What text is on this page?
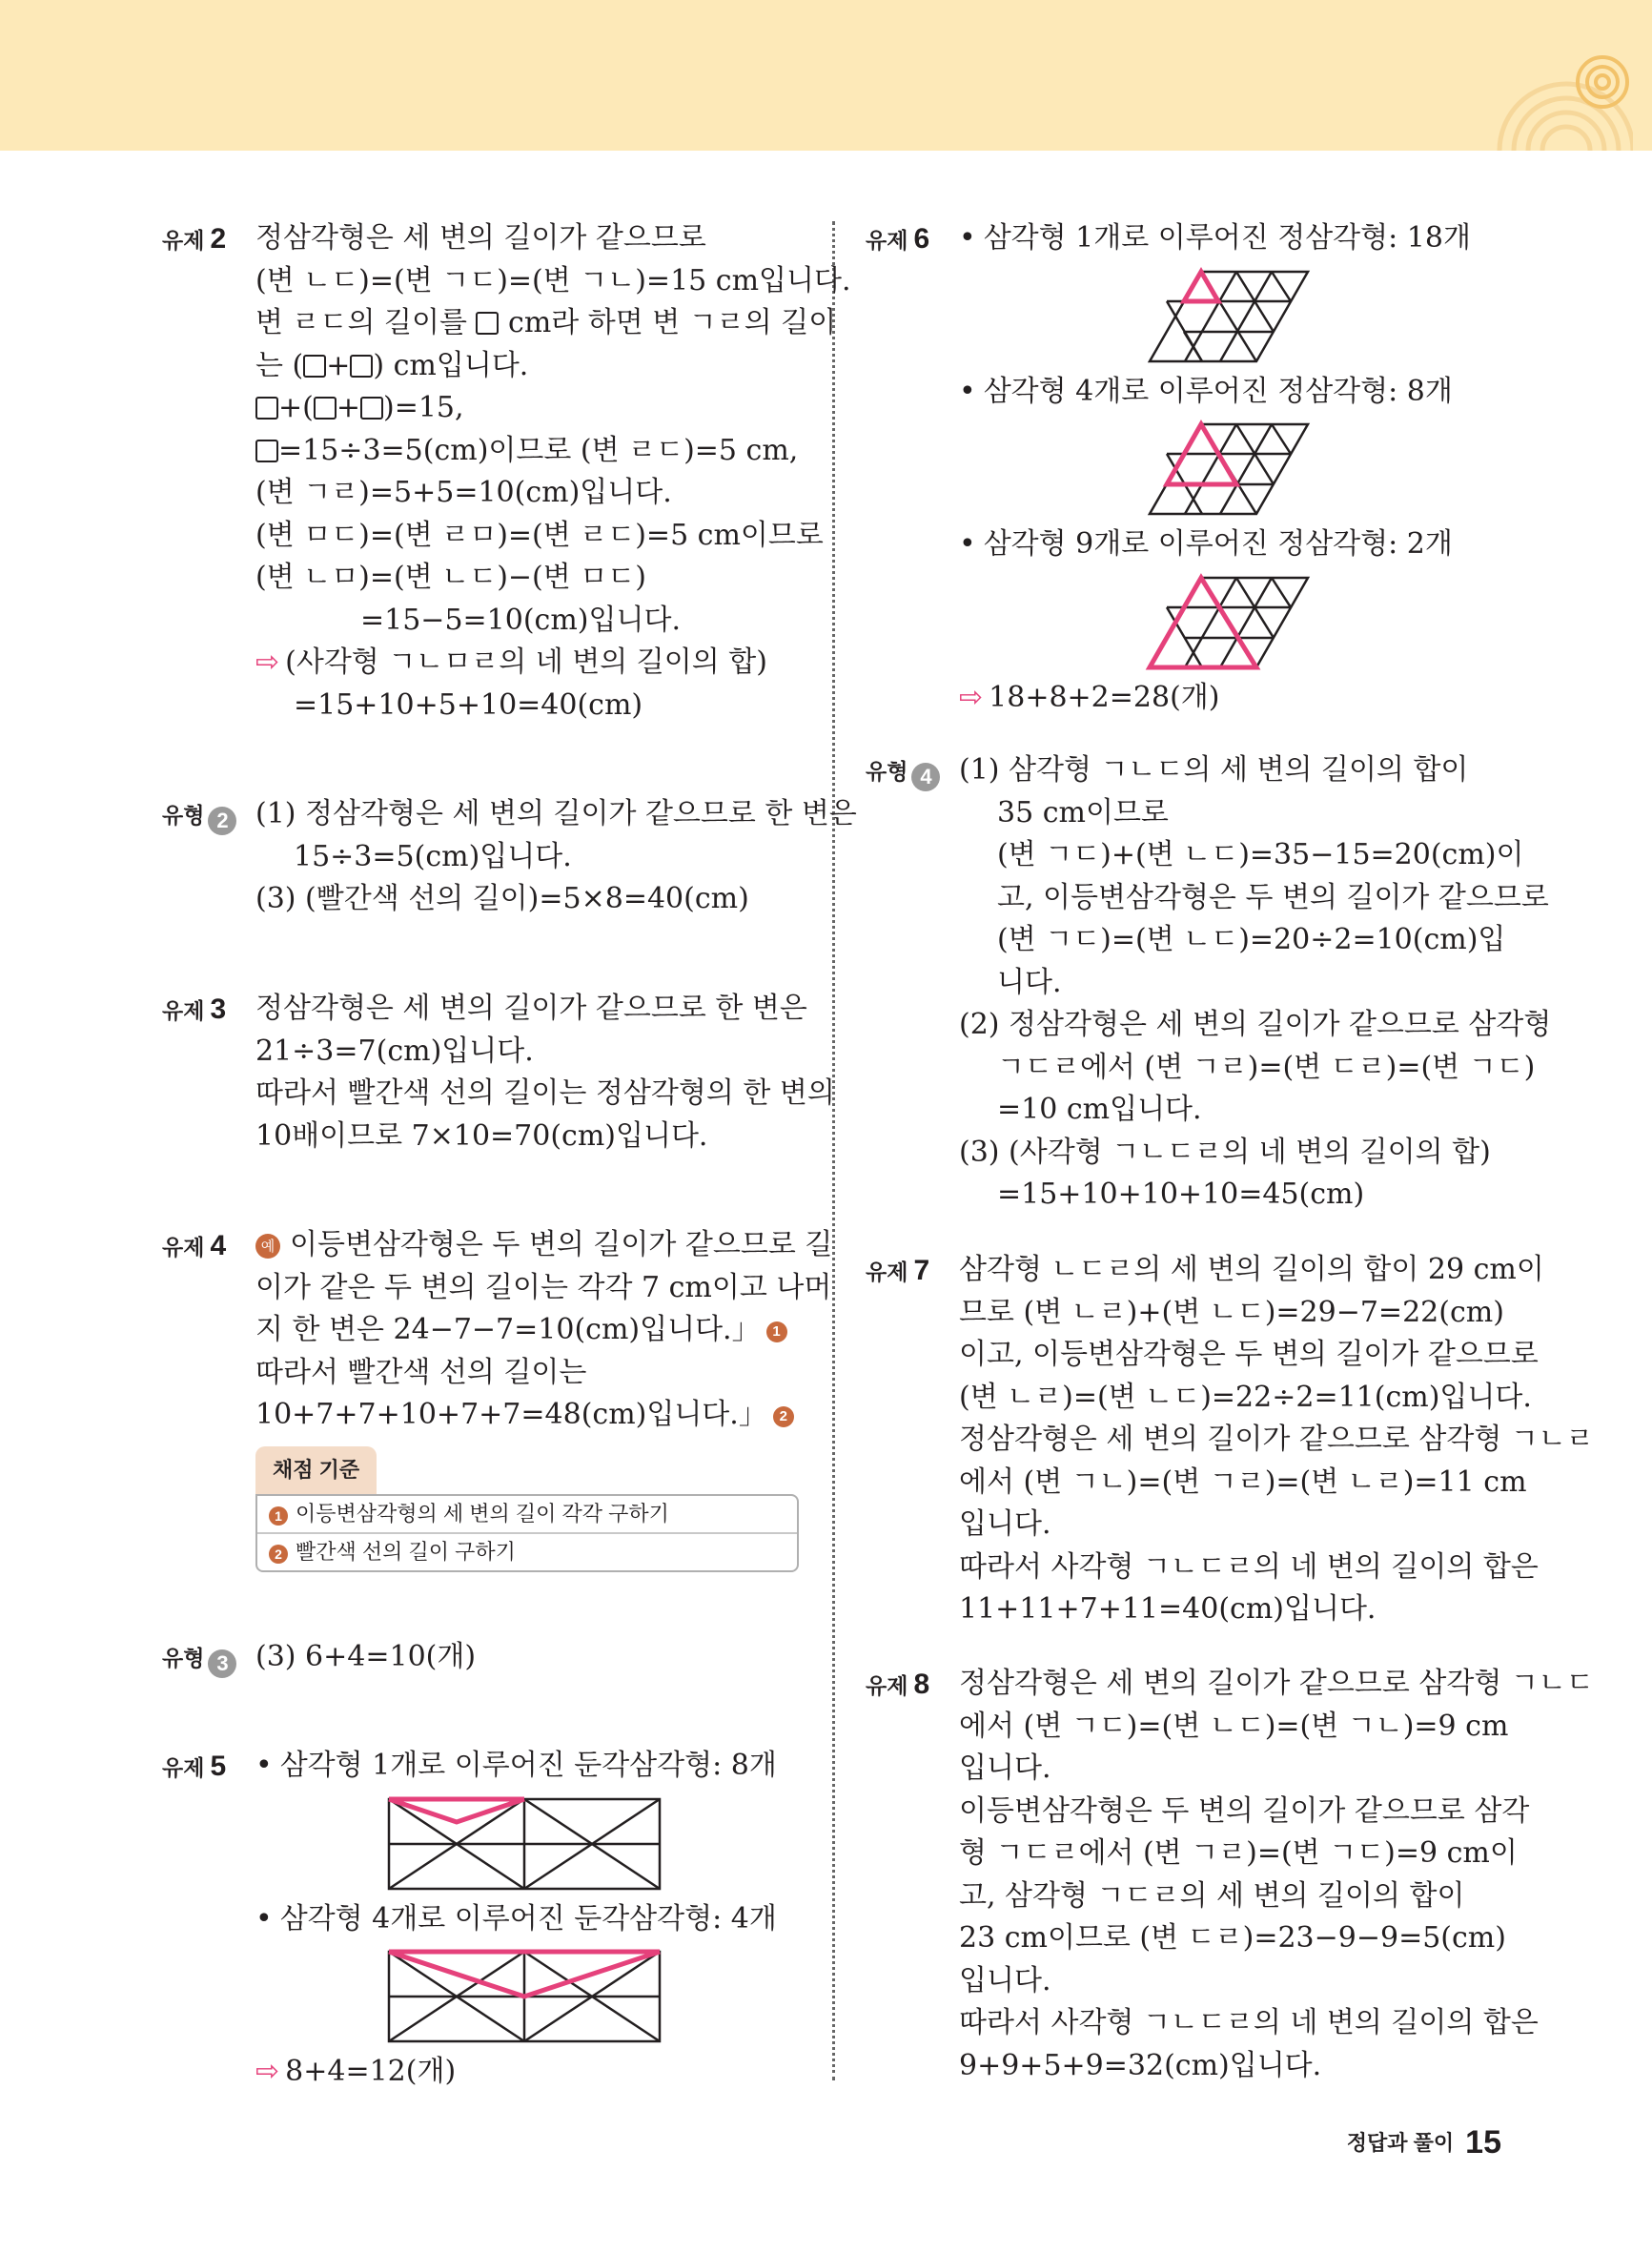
유제 2 정삼각형은 세 변의 길이가 같으므로
(변 ㄴㄷ)=(변 ㄱㄷ)=(변 ㄱㄴ)=15 cm입니다.
변 ㄹㄷ의 길이를 cm라 하면 변 ㄱㄹ의 길이
는 ( + ) cm입니다.
+( + )=15,
=15÷3=5(cm)이므로 (변 ㄹㄷ)=5 cm,
(변 ㄱㄹ)=5+5=10(cm)입니다.
(변 ㅁㄷ)=(변 ㄹㅁ)=(변 ㄹㄷ)=5 cm이므로
(변 ㄴㅁ)=(변 ㄴㄷ)−(변 ㅁㄷ)
=15−5=10(cm)입니다.
⇨ (사각형 ㄱㄴㅁㄹ의 네 변의 길이의 합)
=15+10+5+10=40(cm)
유형 2 (1) 정삼각형은 세 변의 길이가 같으므로 한 변은
15÷3=5(cm)입니다.
(3) (빨간색 선의 길이)=5×8=40(cm)
유제 3 정삼각형은 세 변의 길이가 같으므로 한 변은
21÷3=7(cm)입니다.
따라서 빨간색 선의 길이는 정삼각형의 한 변의
10배이므로 7×10=70(cm)입니다.
유제 4	예 이등변삼각형은 두 변의 길이가 같으므로 길
이가 같은 두 변의 길이는 각각 7 cm이고 나머
지 한 변은 24−7−7=10(cm)입니다.」 1
따라서 빨간색 선의 길이는
10+7+7+10+7+7=48(cm)입니다.」 2
채점 기준
1 이등변삼각형의 세 변의 길이 각각 구하기
2 빨간색 선의 길이 구하기
유형 3 (3) 6+4=10(개)
유제 5 • 삼각형 1개로 이루어진 둔각삼각형: 8개
• 삼각형 4개로 이루어진 둔각삼각형: 4개
⇨ 8+4=12(개)
유제 6 • 삼각형 1개로 이루어진 정삼각형: 18개
• 삼각형 4개로 이루어진 정삼각형: 8개
• 삼각형 9개로 이루어진 정삼각형: 2개
⇨ 18+8+2=28(개)
유형 4 (1) 삼각형 ㄱㄴㄷ의 세 변의 길이의 합이
35 cm이므로
(변 ㄱㄷ)+(변 ㄴㄷ)=35−15=20(cm)이
고, 이등변삼각형은 두 변의 길이가 같으므로
(변 ㄱㄷ)=(변 ㄴㄷ)=20÷2=10(cm)입
니다.
(2) 정삼각형은 세 변의 길이가 같으므로 삼각형
ㄱㄷㄹ에서 (변 ㄱㄹ)=(변 ㄷㄹ)=(변 ㄱㄷ)
=10 cm입니다.
(3) (사각형 ㄱㄴㄷㄹ의 네 변의 길이의 합)
=15+10+10+10=45(cm)
유제 7 삼각형 ㄴㄷㄹ의 세 변의 길이의 합이 29 cm이
므로 (변 ㄴㄹ)+(변 ㄴㄷ)=29−7=22(cm)
이고, 이등변삼각형은 두 변의 길이가 같으므로
(변 ㄴㄹ)=(변 ㄴㄷ)=22÷2=11(cm)입니다.
정삼각형은 세 변의 길이가 같으므로 삼각형 ㄱㄴㄹ
에서 (변 ㄱㄴ)=(변 ㄱㄹ)=(변 ㄴㄹ)=11 cm
입니다.
따라서 사각형 ㄱㄴㄷㄹ의 네 변의 길이의 합은
11+11+7+11=40(cm)입니다.
유제 8 정삼각형은 세 변의 길이가 같으므로 삼각형 ㄱㄴㄷ
에서 (변 ㄱㄷ)=(변 ㄴㄷ)=(변 ㄱㄴ)=9 cm
입니다.
이등변삼각형은 두 변의 길이가 같으므로 삼각
형 ㄱㄷㄹ에서 (변 ㄱㄹ)=(변 ㄱㄷ)=9 cm이
고, 삼각형 ㄱㄷㄹ의 세 변의 길이의 합이
23 cm이므로 (변 ㄷㄹ)=23−9−9=5(cm)
입니다.
따라서 사각형 ㄱㄴㄷㄹ의 네 변의 길이의 합은
9+9+5+9=32(cm)입니다.
정답과 풀이 15
